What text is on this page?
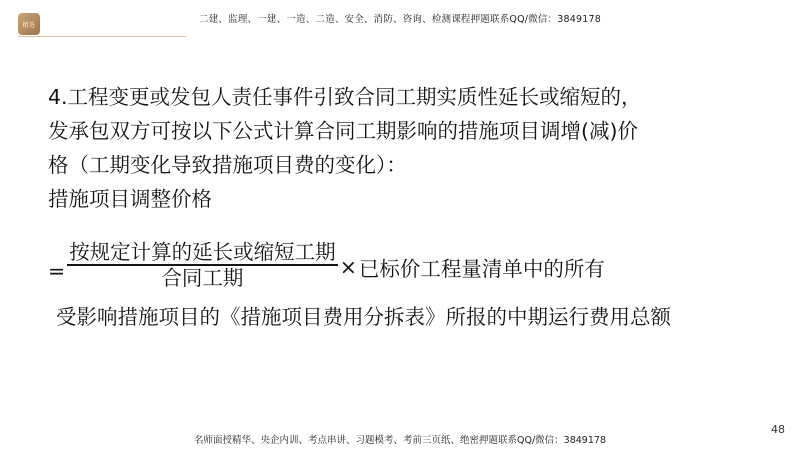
精选	二建、监理、一建、一造、二造、安全、消防、咨询、检测课程押题联系QQ/微信：3849178
4.工程变更或发包人责任事件引致合同工期实质性延长或缩短的，
发承包双方可按以下公式计算合同工期影响的措施项目调增(减)价
格（工期变化导致措施项目费的变化）：
措施项目调整价格
= $\frac{\text{按规定计算的延长或缩短工期}}{\text{合同工期}}$ × 已标价工程量清单中的所有
受影响措施项目的《措施项目费用分拆表》所报的中期运行费用总额
名师面授精华、央企内训、考点串讲、习题模考、考前三页纸、绝密押题联系QQ/微信：3849178
48
